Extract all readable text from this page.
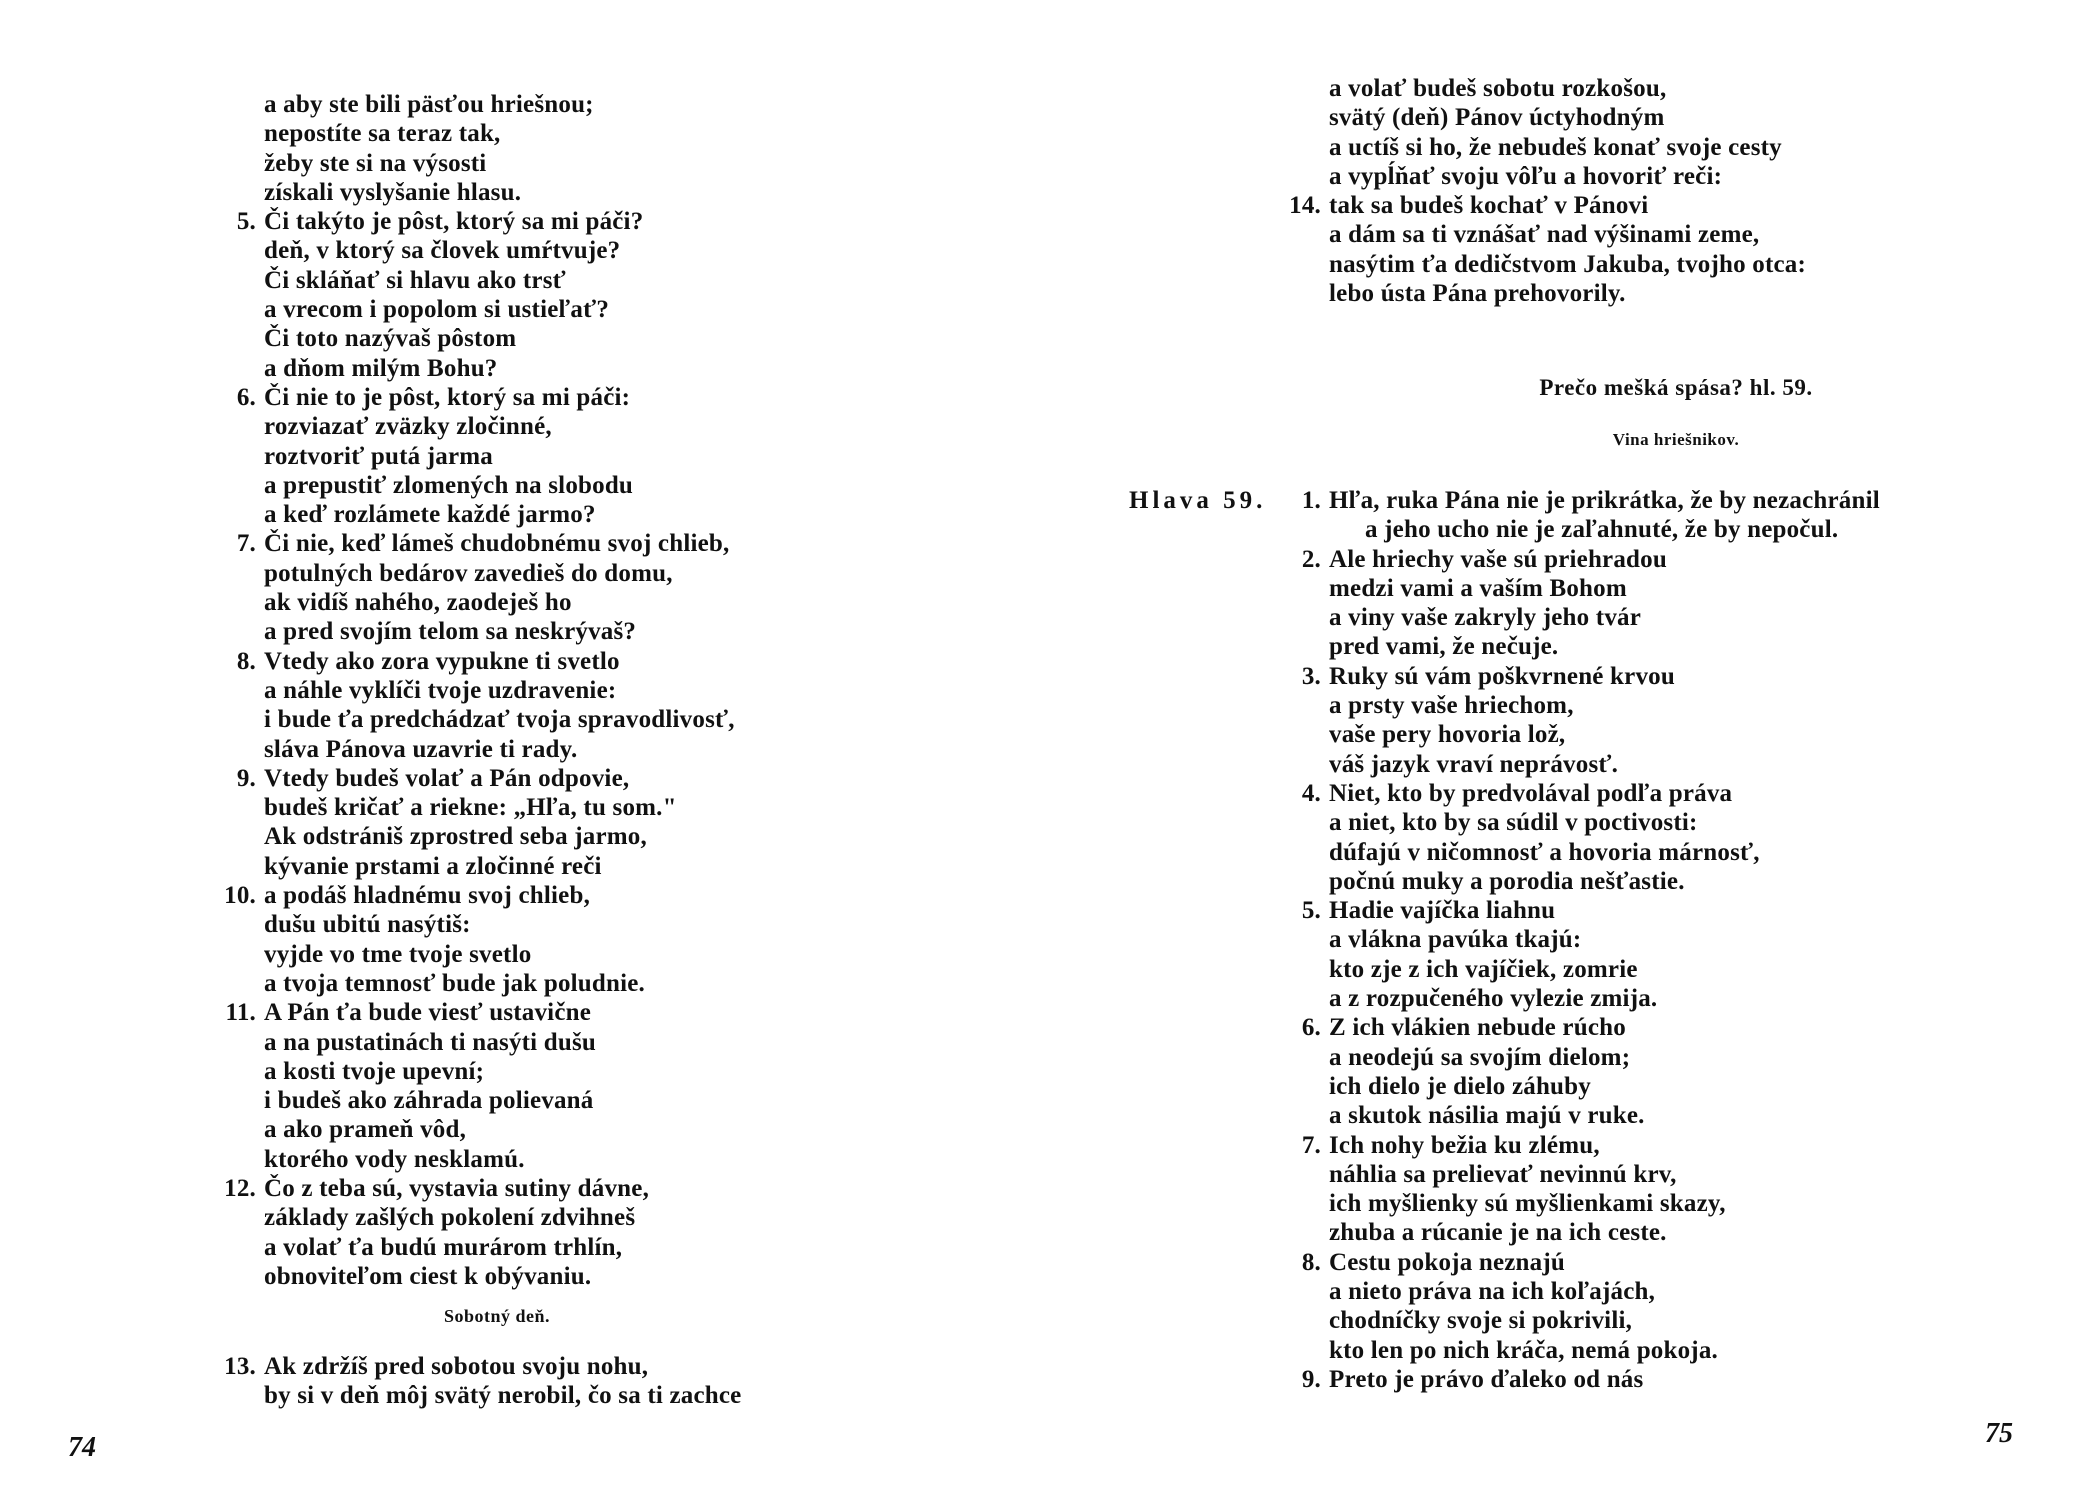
a aby ste bili päsťou hriešnou;
nepostíte sa teraz tak,
žeby ste si na výsosti
získali vyslyšanie hlasu.
5. Či takýto je pôst, ktorý sa mi páči?
deň, v ktorý sa človek umŕtvuje?
Či skláňať si hlavu ako trsť
a vrecom i popolom si ustieľať?
Či toto nazývaš pôstom
a dňom milým Bohu?
6. Či nie to je pôst, ktorý sa mi páči:
rozviazať zväzky zločinné,
roztvoriť putá jarma
a prepustiť zlomených na slobodu
a keď rozlámete každé jarmo?
7. Či nie, keď lámeš chudobnému svoj chlieb,
potulných bedárov zavedieš do domu,
ak vidíš nahého, zaodeješ ho
a pred svojím telom sa neskrývaš?
8. Vtedy ako zora vypukne ti svetlo
a náhle vyklíči tvoje uzdravenie:
i bude ťa predchádzať tvoja spravodlivosť,
sláva Pánova uzavrie ti rady.
9. Vtedy budeš volať a Pán odpovie,
budeš kričať a riekne: „Hľa, tu som."
Ak odstrániš zprostred seba jarmo,
kývanie prstami a zločinné reči
10. a podáš hladnému svoj chlieb,
dušu ubitú nasýtiš:
vyjde vo tme tvoje svetlo
a tvoja temnosť bude jak poludnie.
11. A Pán ťa bude viesť ustavične
a na pustatinách ti nasýti dušu
a kosti tvoje upevní;
i budeš ako záhrada polievaná
a ako prameň vôd,
ktorého vody nesklamú.
12. Čo z teba sú, vystavia sutiny dávne,
základy zašlých pokolení zdvihneš
a volať ťa budú murárom trhlín,
obnoviteľom ciest k obývaniu.
Sobotný deň.
13. Ak zdržíš pred sobotou svoju nohu,
by si v deň môj svätý nerobil, čo sa ti zachce
74
a volať budeš sobotu rozkošou,
svätý (deň) Pánov úctyhodným
a uctíš si ho, že nebudeš konať svoje cesty
a vypĺňať svoju vôľu a hovoriť reči:
14. tak sa budeš kochať v Pánovi
a dám sa ti vznášať nad výšinami zeme,
nasýtim ťa dedičstvom Jakuba, tvojho otca:
lebo ústa Pána prehovorily.
Prečo mešká spása? hl. 59.
Vina hriešnikov.
Hlava 59. 1. Hľa, ruka Pána nie je prikrátka, že by nezachránil
a jeho ucho nie je zaľahnuté, že by nepočul.
2. Ale hriechy vaše sú priehradou
medzi vami a vaším Bohom
a viny vaše zakryly jeho tvár
pred vami, že nečuje.
3. Ruky sú vám poškvrnené krvou
a prsty vaše hriechom,
vaše pery hovoria lož,
váš jazyk vraví neprávosť.
4. Niet, kto by predvolával podľa práva
a niet, kto by sa súdil v poctivosti:
dúfajú v ničomnosť a hovoria márnosť,
počnú muky a porodia nešťastie.
5. Hadie vajíčka liahnu
a vlákna pavúka tkajú:
kto zje z ich vajíčiek, zomrie
a z rozpučeného vylezie zmija.
6. Z ich vlákien nebude rúcho
a neodejú sa svojím dielom;
ich dielo je dielo záhuby
a skutok násilia majú v ruke.
7. Ich nohy bežia ku zlému,
náhlia sa prelievať nevinnú krv,
ich myšlienky sú myšlienkami skazy,
zhuba a rúcanie je na ich ceste.
8. Cestu pokoja neznajú
a nieto práva na ich koľajách,
chodníčky svoje si pokrivili,
kto len po nich kráča, nemá pokoja.
9. Preto je právo ďaleko od nás
75
